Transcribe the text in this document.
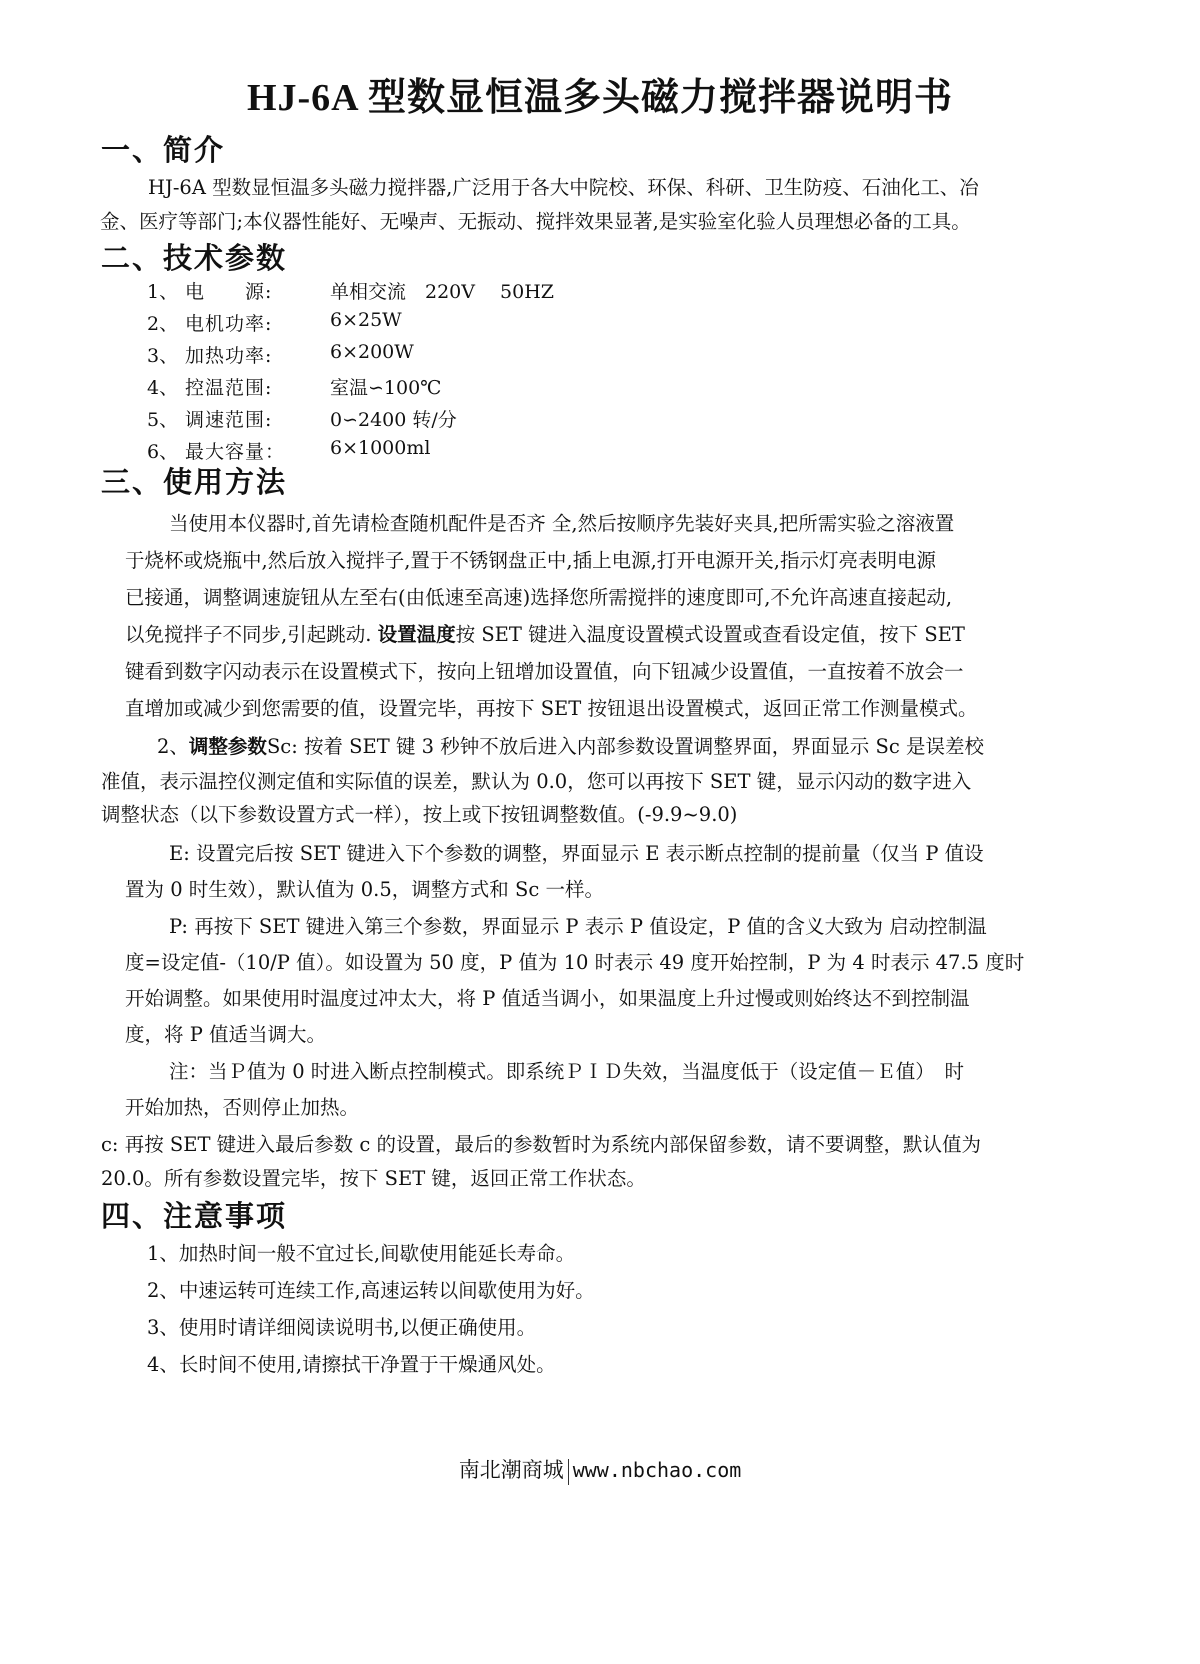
HJ-6A 型数显恒温多头磁力搅拌器说明书
一、简介

HJ-6A 型数显恒温多头磁力搅拌器,广泛用于各大中院校、环保、科研、卫生防疫、石油化工、冶

金、医疗等部门;本仪器性能好、无噪声、无振动、搅拌效果显著,是实验室化验人员理想必备的工具。

二、技术参数
1、 电　　源:	单相交流　220V　 50HZ
2、 电机功率:	6×25W
3、 加热功率:	6×200W
4、 控温范围:	室温∽100℃
5、 调速范围:	0∽2400 转/分
6、 最大容量： 6×1000ml
三、使用方法

当使用本仪器时,首先请检查随机配件是否齐 全,然后按顺序先装好夹具,把所需实验之溶液置

于烧杯或烧瓶中,然后放入搅拌子,置于不锈钢盘正中,插上电源,打开电源开关,指示灯亮表明电源

已接通，调整调速旋钮从左至右(由低速至高速)选择您所需搅拌的速度即可,不允许高速直接起动,

以免搅拌子不同步,引起跳动. 设置温度按 SET 键进入温度设置模式设置或查看设定值，按下 SET

键看到数字闪动表示在设置模式下，按向上钮增加设置值，向下钮减少设置值，一直按着不放会一

直增加或减少到您需要的值，设置完毕，再按下 SET 按钮退出设置模式，返回正常工作测量模式。

2、调整参数Sc: 按着 SET 键 3 秒钟不放后进入内部参数设置调整界面，界面显示 Sc 是误差校

准值，表示温控仪测定值和实际值的误差，默认为 0.0，您可以再按下 SET 键，显示闪动的数字进入

调整状态（以下参数设置方式一样），按上或下按钮调整数值。(-9.9~9.0)

E: 设置完后按 SET 键进入下个参数的调整，界面显示 E 表示断点控制的提前量（仅当 P 值设

置为 0 时生效），默认值为 0.5，调整方式和 Sc 一样。

P: 再按下 SET 键进入第三个参数，界面显示 P 表示 P 值设定，P 值的含义大致为 启动控制温

度=设定值-（10/P 值）。如设置为 50 度，P 值为 10 时表示 49 度开始控制，P 为 4 时表示 47.5 度时

开始调整。如果使用时温度过冲太大，将 P 值适当调小，如果温度上升过慢或则始终达不到控制温

度，将 P 值适当调大。

注：当Ｐ值为 0 时进入断点控制模式。即系统ＰＩＤ失效，当温度低于（设定值－Ｅ值）　时

开始加热，否则停止加热。

c: 再按 SET 键进入最后参数 c 的设置，最后的参数暂时为系统内部保留参数，请不要调整，默认值为

20.0。所有参数设置完毕，按下 SET 键，返回正常工作状态。

四、注意事项

1、加热时间一般不宜过长,间歇使用能延长寿命。

2、中速运转可连续工作,高速运转以间歇使用为好。

3、使用时请详细阅读说明书,以便正确使用。

4、长时间不使用,请擦拭干净置于干燥通风处。

南北潮商城 www.nbchao.com
